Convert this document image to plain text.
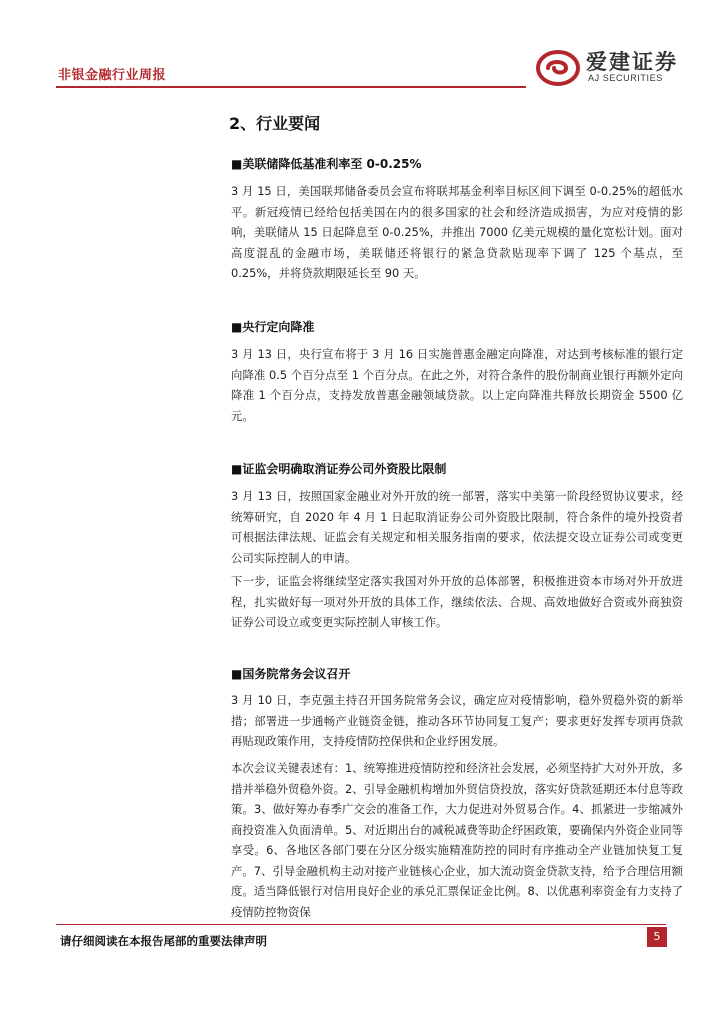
非银金融行业周报
爱建证券
AJ SECURITIES
2、行业要闻
■美联储降低基准利率至 0-0.25%

3 月 15 日，美国联邦储备委员会宣布将联邦基金利率目标区间下调至 0-0.25%的超低水平。新冠疫情已经给包括美国在内的很多国家的社会和经济造成损害，为应对疫情的影响，美联储从 15 日起降息至 0-0.25%，并推出 7000 亿美元规模的量化宽松计划。面对高度混乱的金融市场，美联储还将银行的紧急贷款贴现率下调了 125 个基点，至 0.25%，并将贷款期限延长至 90 天。

■央行定向降准

3 月 13 日，央行宣布将于 3 月 16 日实施普惠金融定向降准，对达到考核标准的银行定向降准 0.5 个百分点至 1 个百分点。在此之外，对符合条件的股份制商业银行再额外定向降准 1 个百分点，支持发放普惠金融领域贷款。以上定向降准共释放长期资金 5500 亿元。

■证监会明确取消证券公司外资股比限制

3 月 13 日，按照国家金融业对外开放的统一部署，落实中美第一阶段经贸协议要求，经统筹研究，自 2020 年 4 月 1 日起取消证券公司外资股比限制，符合条件的境外投资者可根据法律法规、证监会有关规定和相关服务指南的要求，依法提交设立证券公司或变更公司实际控制人的申请。

下一步，证监会将继续坚定落实我国对外开放的总体部署，积极推进资本市场对外开放进程，扎实做好每一项对外开放的具体工作，继续依法、合规、高效地做好合资或外商独资证券公司设立或变更实际控制人审核工作。

■国务院常务会议召开

3 月 10 日，李克强主持召开国务院常务会议，确定应对疫情影响，稳外贸稳外资的新举措；部署进一步通畅产业链资金链，推动各环节协同复工复产；要求更好发挥专项再贷款再贴现政策作用，支持疫情防控保供和企业纾困发展。

本次会议关键表述有：1、统筹推进疫情防控和经济社会发展，必须坚持扩大对外开放，多措并举稳外贸稳外资。2、引导金融机构增加外贸信贷投放，落实好贷款延期还本付息等政策。3、做好筹办春季广交会的准备工作，大力促进对外贸易合作。4、抓紧进一步缩减外商投资准入负面清单。5、对近期出台的减税减费等助企纾困政策，要确保内外资企业同等享受。6、各地区各部门要在分区分级实施精准防控的同时有序推动全产业链加快复工复产。7、引导金融机构主动对接产业链核心企业，加大流动资金贷款支持，给予合理信用额度。适当降低银行对信用良好企业的承兑汇票保证金比例。8、以优惠利率资金有力支持了疫情防控物资保

请仔细阅读在本报告尾部的重要法律声明	5
